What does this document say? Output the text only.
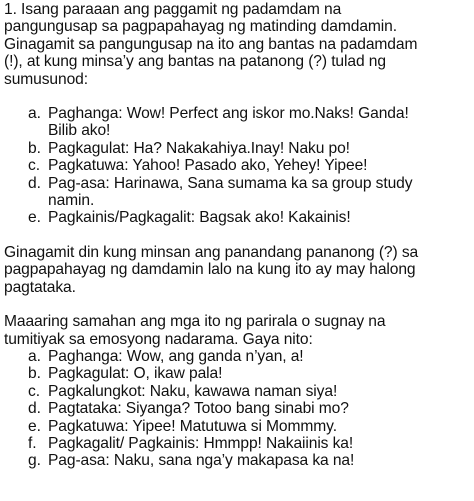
1. Isang paraaan ang paggamit ng padamdam na
pangungusap sa pagpapahayag ng matinding damdamin.
Ginagamit sa pangungusap na ito ang bantas na padamdam
(!), at kung minsa’y ang bantas na patanong (?) tulad ng
sumusunod:

a. Paghanga: Wow! Perfect ang iskor mo.Naks! Ganda!
Bilib ako!
b. Pagkagulat: Ha? Nakakahiya.Inay! Naku po!
c. Pagkatuwa: Yahoo! Pasado ako, Yehey! Yipee!
d. Pag-asa: Harinawa, Sana sumama ka sa group study
namin.
e. Pagkainis/Pagkagalit: Bagsak ako! Kakainis!

Ginagamit din kung minsan ang panandang pananong (?) sa
pagpapahayag ng damdamin lalo na kung ito ay may halong
pagtataka.

Maaaring samahan ang mga ito ng parirala o sugnay na
tumitiyak sa emosyong nadarama. Gaya nito:

a. Paghanga: Wow, ang ganda n’yan, a!
b. Pagkagulat: O, ikaw pala!
c. Pagkalungkot: Naku, kawawa naman siya!
d. Pagtataka: Siyanga? Totoo bang sinabi mo?
e. Pagkatuwa: Yipee! Matutuwa si Mommmy.
f. Pagkagalit/ Pagkainis: Hmmpp! Nakaiinis ka!
g. Pag-asa: Naku, sana nga’y makapasa ka na!
